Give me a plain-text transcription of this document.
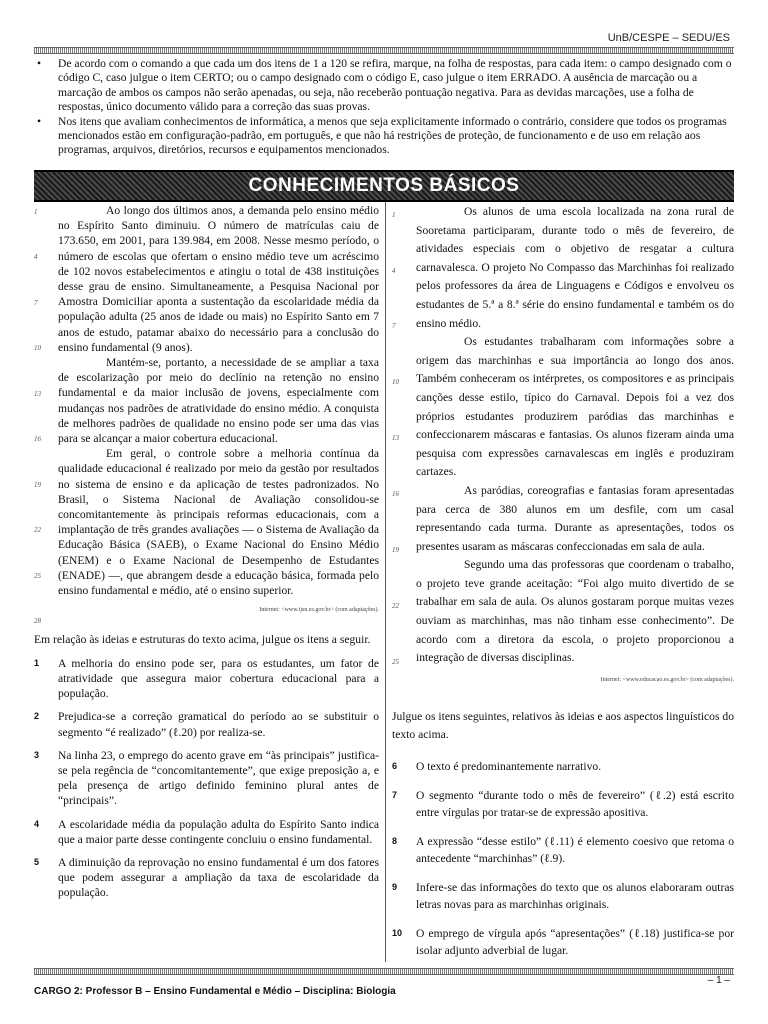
UnB/CESPE – SEDU/ES
• De acordo com o comando a que cada um dos itens de 1 a 120 se refira, marque, na folha de respostas, para cada item: o campo designado com o código C, caso julgue o item CERTO; ou o campo designado com o código E, caso julgue o item ERRADO. A ausência de marcação ou a marcação de ambos os campos não serão apenadas, ou seja, não receberão pontuação negativa. Para as devidas marcações, use a folha de respostas, único documento válido para a correção das suas provas.
• Nos itens que avaliam conhecimentos de informática, a menos que seja explicitamente informado o contrário, considere que todos os programas mencionados estão em configuração-padrão, em português, e que não há restrições de proteção, de funcionamento e de uso em relação aos programas, arquivos, diretórios, recursos e equipamentos mencionados.
CONHECIMENTOS BÁSICOS
1
4
7
10
13
16
19
22
25
28

Ao longo dos últimos anos, a demanda pelo ensino médio no Espírito Santo diminuiu. O número de matrículas caiu de 173.650, em 2001, para 139.984, em 2008. Nesse mesmo período, o número de escolas que ofertam o ensino médio teve um acréscimo de 102 novos estabelecimentos e atingiu o total de 438 instituições desse grau de ensino. Simultaneamente, a Pesquisa Nacional por Amostra Domiciliar aponta a sustentação da escolaridade média da população adulta (25 anos de idade ou mais) no Espírito Santo em 7 anos de estudo, patamar abaixo do necessário para a conclusão do ensino fundamental (9 anos).

Mantém-se, portanto, a necessidade de se ampliar a taxa de escolarização por meio do declínio na retenção no ensino fundamental e da maior inclusão de jovens, especialmente com mudanças nos padrões de atratividade do ensino médio. A conquista de melhores padrões de qualidade no ensino pode ser uma das vias para se alcançar a maior cobertura educacional.

Em geral, o controle sobre a melhoria contínua da qualidade educacional é realizado por meio da gestão por resultados no sistema de ensino e da aplicação de testes padronizados. No Brasil, o Sistema Nacional de Avaliação consolidou-se concomitantemente às principais reformas educacionais, com a implantação de três grandes avaliações — o Sistema de Avaliação da Educação Básica (SAEB), o Exame Nacional do Ensino Médio (ENEM) e o Exame Nacional de Desempenho de Estudantes (ENADE) —, que abrangem desde a educação básica, formada pelo ensino fundamental e médio, até o ensino superior.

Internet: <www.ijsn.es.gov.br> (com adaptações).
Em relação às ideias e estruturas do texto acima, julgue os itens a seguir.
1 A melhoria do ensino pode ser, para os estudantes, um fator de atratividade que assegura maior cobertura educacional para a população.
2 Prejudica-se a correção gramatical do período ao se substituir o segmento “é realizado” (ℓ.20) por realiza-se.
3 Na linha 23, o emprego do acento grave em “às principais” justifica-se pela regência de “concomitantemente”, que exige preposição a, e pela presença de artigo definido feminino plural antes de “principais”.
4 A escolaridade média da população adulta do Espírito Santo indica que a maior parte desse contingente concluiu o ensino fundamental.
5 A diminuição da reprovação no ensino fundamental é um dos fatores que podem assegurar a ampliação da taxa de escolaridade da população.
1
4
7
10
13
16
19
22
25

Os alunos de uma escola localizada na zona rural de Sooretama participaram, durante todo o mês de fevereiro, de atividades especiais com o objetivo de resgatar a cultura carnavalesca. O projeto No Compasso das Marchinhas foi realizado pelos professores da área de Linguagens e Códigos e envolveu os estudantes de 5.ª a 8.ª série do ensino fundamental e também os do ensino médio.

Os estudantes trabalharam com informações sobre a origem das marchinhas e sua importância ao longo dos anos. Também conheceram os intérpretes, os compositores e as principais canções desse estilo, típico do Carnaval. Depois foi a vez dos próprios estudantes produzirem paródias das marchinhas e confeccionarem máscaras e fantasias. Os alunos fizeram ainda uma pesquisa com expressões carnavalescas em inglês e produziram cartazes.

As paródias, coreografias e fantasias foram apresentadas para cerca de 380 alunos em um desfile, com um casal representando cada turma. Durante as apresentações, todos os presentes usaram as máscaras confeccionadas em sala de aula.

Segundo uma das professoras que coordenam o trabalho, o projeto teve grande aceitação: “Foi algo muito divertido de se trabalhar em sala de aula. Os alunos gostaram porque muitas vezes ouviam as marchinhas, mas não tinham esse conhecimento”. De acordo com a diretora da escola, o projeto proporcionou a integração de diversas disciplinas.

Internet: <www.educacao.es.gov.br> (com adaptações).
Julgue os itens seguintes, relativos às ideias e aos aspectos linguísticos do texto acima.
6 O texto é predominantemente narrativo.
7 O segmento “durante todo o mês de fevereiro” (ℓ.2) está escrito entre vírgulas por tratar-se de expressão apositiva.
8 A expressão “desse estilo” (ℓ.11) é elemento coesivo que retoma o antecedente “marchinhas” (ℓ.9).
9 Infere-se das informações do texto que os alunos elaboraram outras letras novas para as marchinhas originais.
10 O emprego de vírgula após “apresentações” (ℓ.18) justifica-se por isolar adjunto adverbial de lugar.
– 1 –
CARGO 2: Professor B – Ensino Fundamental e Médio – Disciplina: Biologia
